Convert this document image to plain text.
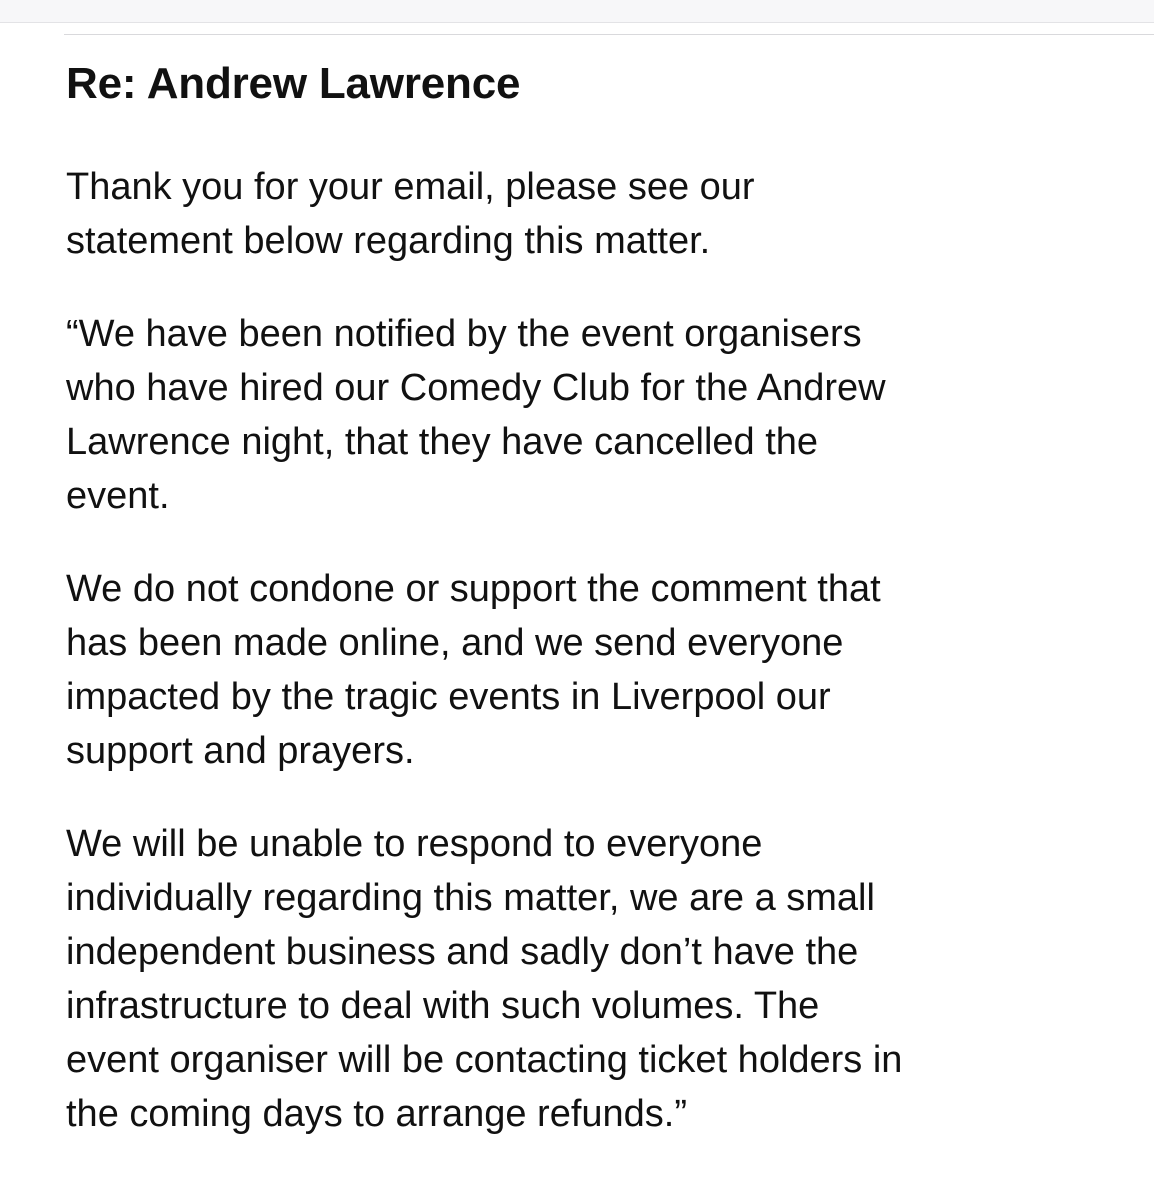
Re: Andrew Lawrence
Thank you for your email, please see our
statement below regarding this matter.
“We have been notified by the event organisers
who have hired our Comedy Club for the Andrew
Lawrence night, that they have cancelled the
event.
We do not condone or support the comment that
has been made online, and we send everyone
impacted by the tragic events in Liverpool our
support and prayers.
We will be unable to respond to everyone
individually regarding this matter, we are a small
independent business and sadly don’t have the
infrastructure to deal with such volumes. The
event organiser will be contacting ticket holders in
the coming days to arrange refunds.”
